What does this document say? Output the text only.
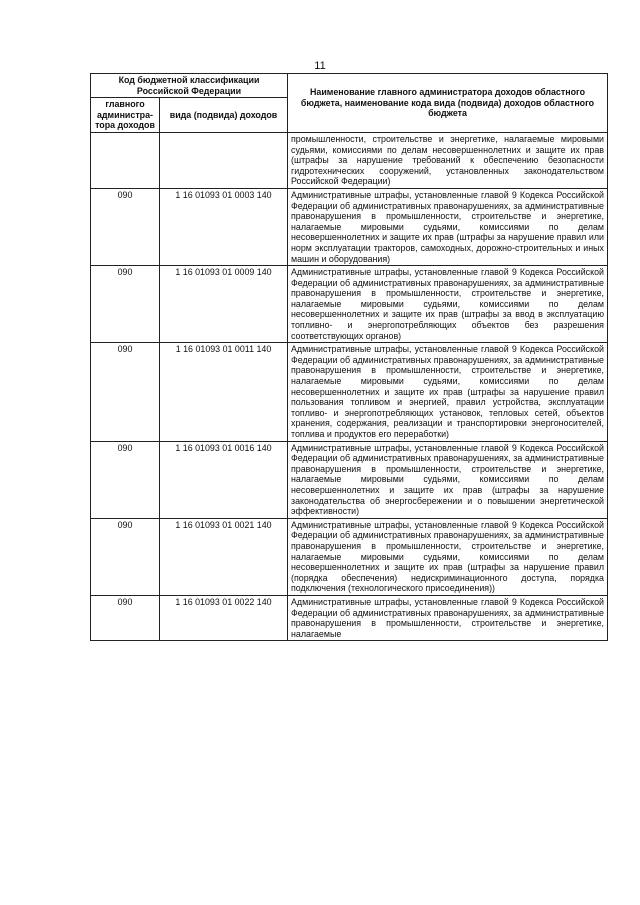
11
Код бюджетной классификации Российской Федерации		Наименование главного администратора доходов областного бюджета, наименование кода вида (подвида) доходов областного бюджета
главного администра-тора доходов	вида (подвида) доходов	
		промышленности, строительстве и энергетике, налагаемые мировыми судьями, комиссиями по делам несовершеннолетних и защите их прав (штрафы за нарушение требований к обеспечению безопасности гидротехнических сооружений, установленных законодательством Российской Федерации)
090	1 16 01093 01 0003 140	Административные штрафы, установленные главой 9 Кодекса Российской Федерации об административных правонарушениях, за административные правонарушения в промышленности, строительстве и энергетике, налагаемые мировыми судьями, комиссиями по делам несовершеннолетних и защите их прав (штрафы за нарушение правил или норм эксплуатации тракторов, самоходных, дорожно-строительных и иных машин и оборудования)
090	1 16 01093 01 0009 140	Административные штрафы, установленные главой 9 Кодекса Российской Федерации об административных правонарушениях, за административные правонарушения в промышленности, строительстве и энергетике, налагаемые мировыми судьями, комиссиями по делам несовершеннолетних и защите их прав (штрафы за ввод в эксплуатацию топливно- и энергопотребляющих объектов без разрешения соответствующих органов)
090	1 16 01093 01 0011 140	Административные штрафы, установленные главой 9 Кодекса Российской Федерации об административных правонарушениях, за административные правонарушения в промышленности, строительстве и энергетике, налагаемые мировыми судьями, комиссиями по делам несовершеннолетних и защите их прав (штрафы за нарушение правил пользования топливом и энергией, правил устройства, эксплуатации топливо- и энергопотребляющих установок, тепловых сетей, объектов хранения, содержания, реализации и транспортировки энергоносителей, топлива и продуктов его переработки)
090	1 16 01093 01 0016 140	Административные штрафы, установленные главой 9 Кодекса Российской Федерации об административных правонарушениях, за административные правонарушения в промышленности, строительстве и энергетике, налагаемые мировыми судьями, комиссиями по делам несовершеннолетних и защите их прав (штрафы за нарушение законодательства об энергосбережении и о повышении энергетической эффективности)
090	1 16 01093 01 0021 140	Административные штрафы, установленные главой 9 Кодекса Российской Федерации об административных правонарушениях, за административные правонарушения в промышленности, строительстве и энергетике, налагаемые мировыми судьями, комиссиями по делам несовершеннолетних и защите их прав (штрафы за нарушение правил (порядка обеспечения) недискриминационного доступа, порядка подключения (технологического присоединения))
090	1 16 01093 01 0022 140	Административные штрафы, установленные главой 9 Кодекса Российской Федерации об административных правонарушениях, за административные правонарушения в промышленности, строительстве и энергетике, налагаемые
